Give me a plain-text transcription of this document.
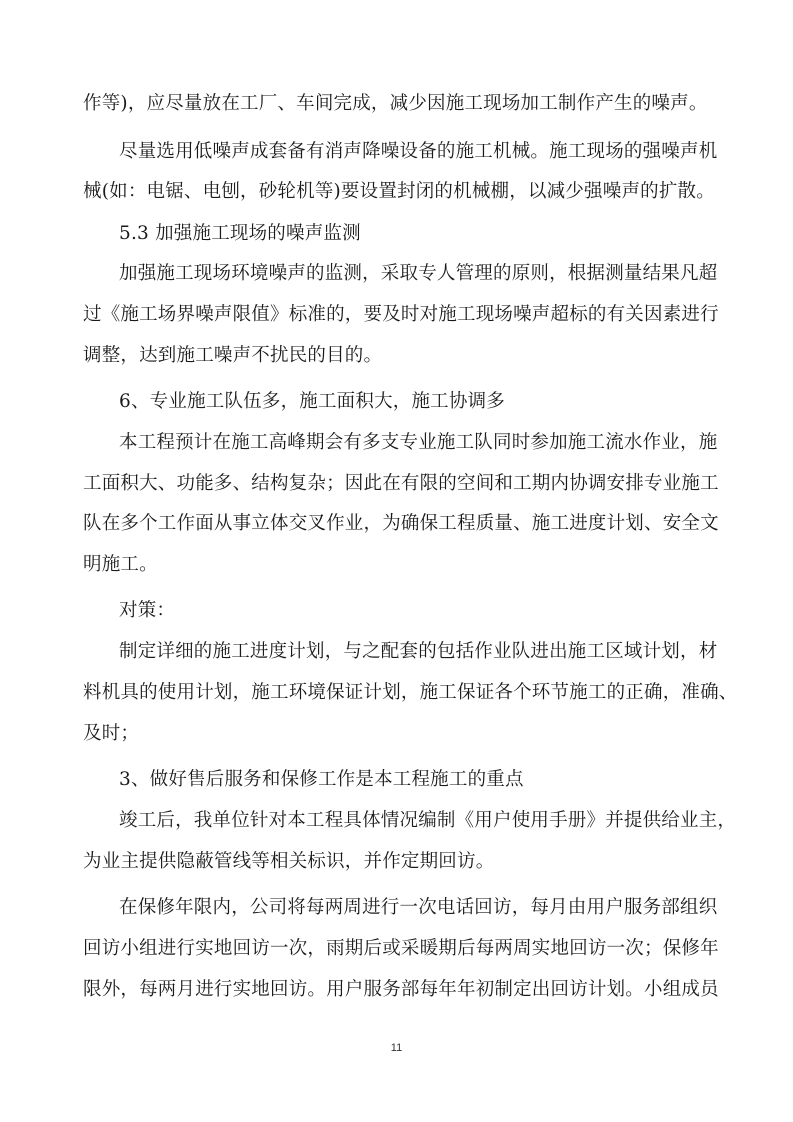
作等)，应尽量放在工厂、车间完成，减少因施工现场加工制作产生的噪声。
尽量选用低噪声成套备有消声降噪设备的施工机械。施工现场的强噪声机
械(如：电锯、电刨，砂轮机等)要设置封闭的机械棚，以减少强噪声的扩散。
5.3 加强施工现场的噪声监测
加强施工现场环境噪声的监测，采取专人管理的原则，根据测量结果凡超
过《施工场界噪声限值》标准的，要及时对施工现场噪声超标的有关因素进行
调整，达到施工噪声不扰民的目的。
6、专业施工队伍多，施工面积大，施工协调多
本工程预计在施工高峰期会有多支专业施工队同时参加施工流水作业，施
工面积大、功能多、结构复杂；因此在有限的空间和工期内协调安排专业施工
队在多个工作面从事立体交叉作业，为确保工程质量、施工进度计划、安全文
明施工。
对策：
制定详细的施工进度计划，与之配套的包括作业队进出施工区域计划，材
料机具的使用计划，施工环境保证计划，施工保证各个环节施工的正确，准确、
及时；
3、做好售后服务和保修工作是本工程施工的重点
竣工后，我单位针对本工程具体情况编制《用户使用手册》并提供给业主，
为业主提供隐蔽管线等相关标识，并作定期回访。
在保修年限内，公司将每两周进行一次电话回访，每月由用户服务部组织
回访小组进行实地回访一次，雨期后或采暖期后每两周实地回访一次；保修年
限外，每两月进行实地回访。用户服务部每年年初制定出回访计划。小组成员
11
